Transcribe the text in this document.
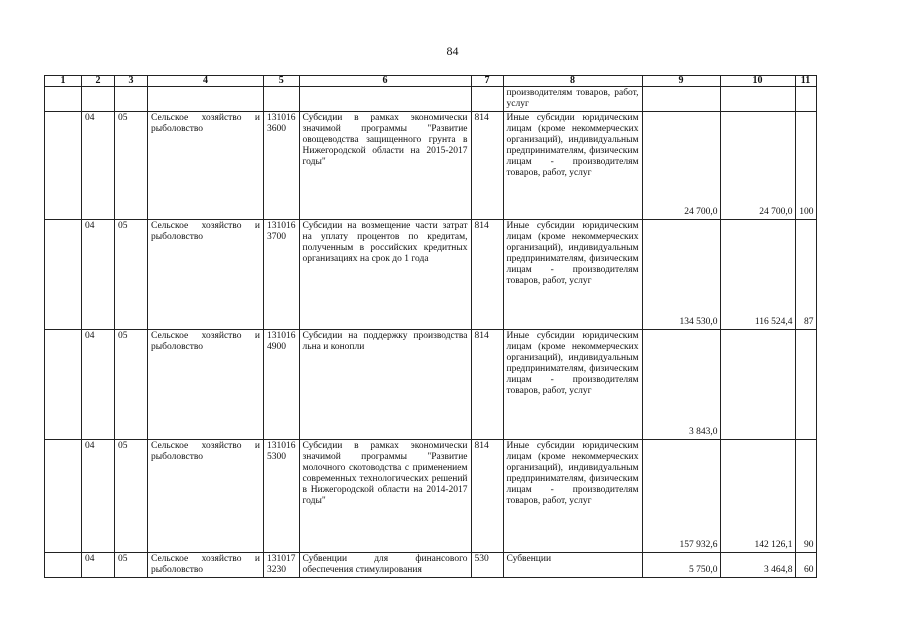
84
1	2	3	4	5	6	7	8	9	10	11
							производителям товаров, работ, услуг			
	04	05	Сельское хозяйство и рыболовство	131016 3600	Субсидии в рамках экономически значимой программы "Развитие овощеводства защищенного грунта в Нижегородской области на 2015-2017 годы"	814	Иные субсидии юридическим лицам (кроме некоммерческих организаций), индивидуальным предпринимателям, физическим лицам - производителям товаров, работ, услуг	24 700,0	24 700,0	100
	04	05	Сельское хозяйство и рыболовство	131016 3700	Субсидии на возмещение части затрат на уплату процентов по кредитам, полученным в российских кредитных организациях на срок до 1 года	814	Иные субсидии юридическим лицам (кроме некоммерческих организаций), индивидуальным предпринимателям, физическим лицам - производителям товаров, работ, услуг	134 530,0	116 524,4	87
	04	05	Сельское хозяйство и рыболовство	131016 4900	Субсидии на поддержку производства льна и конопли	814	Иные субсидии юридическим лицам (кроме некоммерческих организаций), индивидуальным предпринимателям, физическим лицам - производителям товаров, работ, услуг	3 843,0		
	04	05	Сельское хозяйство и рыболовство	131016 5300	Субсидии в рамках экономически значимой программы "Развитие молочного скотоводства с применением современных технологических решений в Нижегородской области на 2014-2017 годы"	814	Иные субсидии юридическим лицам (кроме некоммерческих организаций), индивидуальным предпринимателям, физическим лицам - производителям товаров, работ, услуг	157 932,6	142 126,1	90
	04	05	Сельское хозяйство и рыболовство	131017 3230	Субвенции для финансового обеспечения стимулирования	530	Субвенции	5 750,0	3 464,8	60
